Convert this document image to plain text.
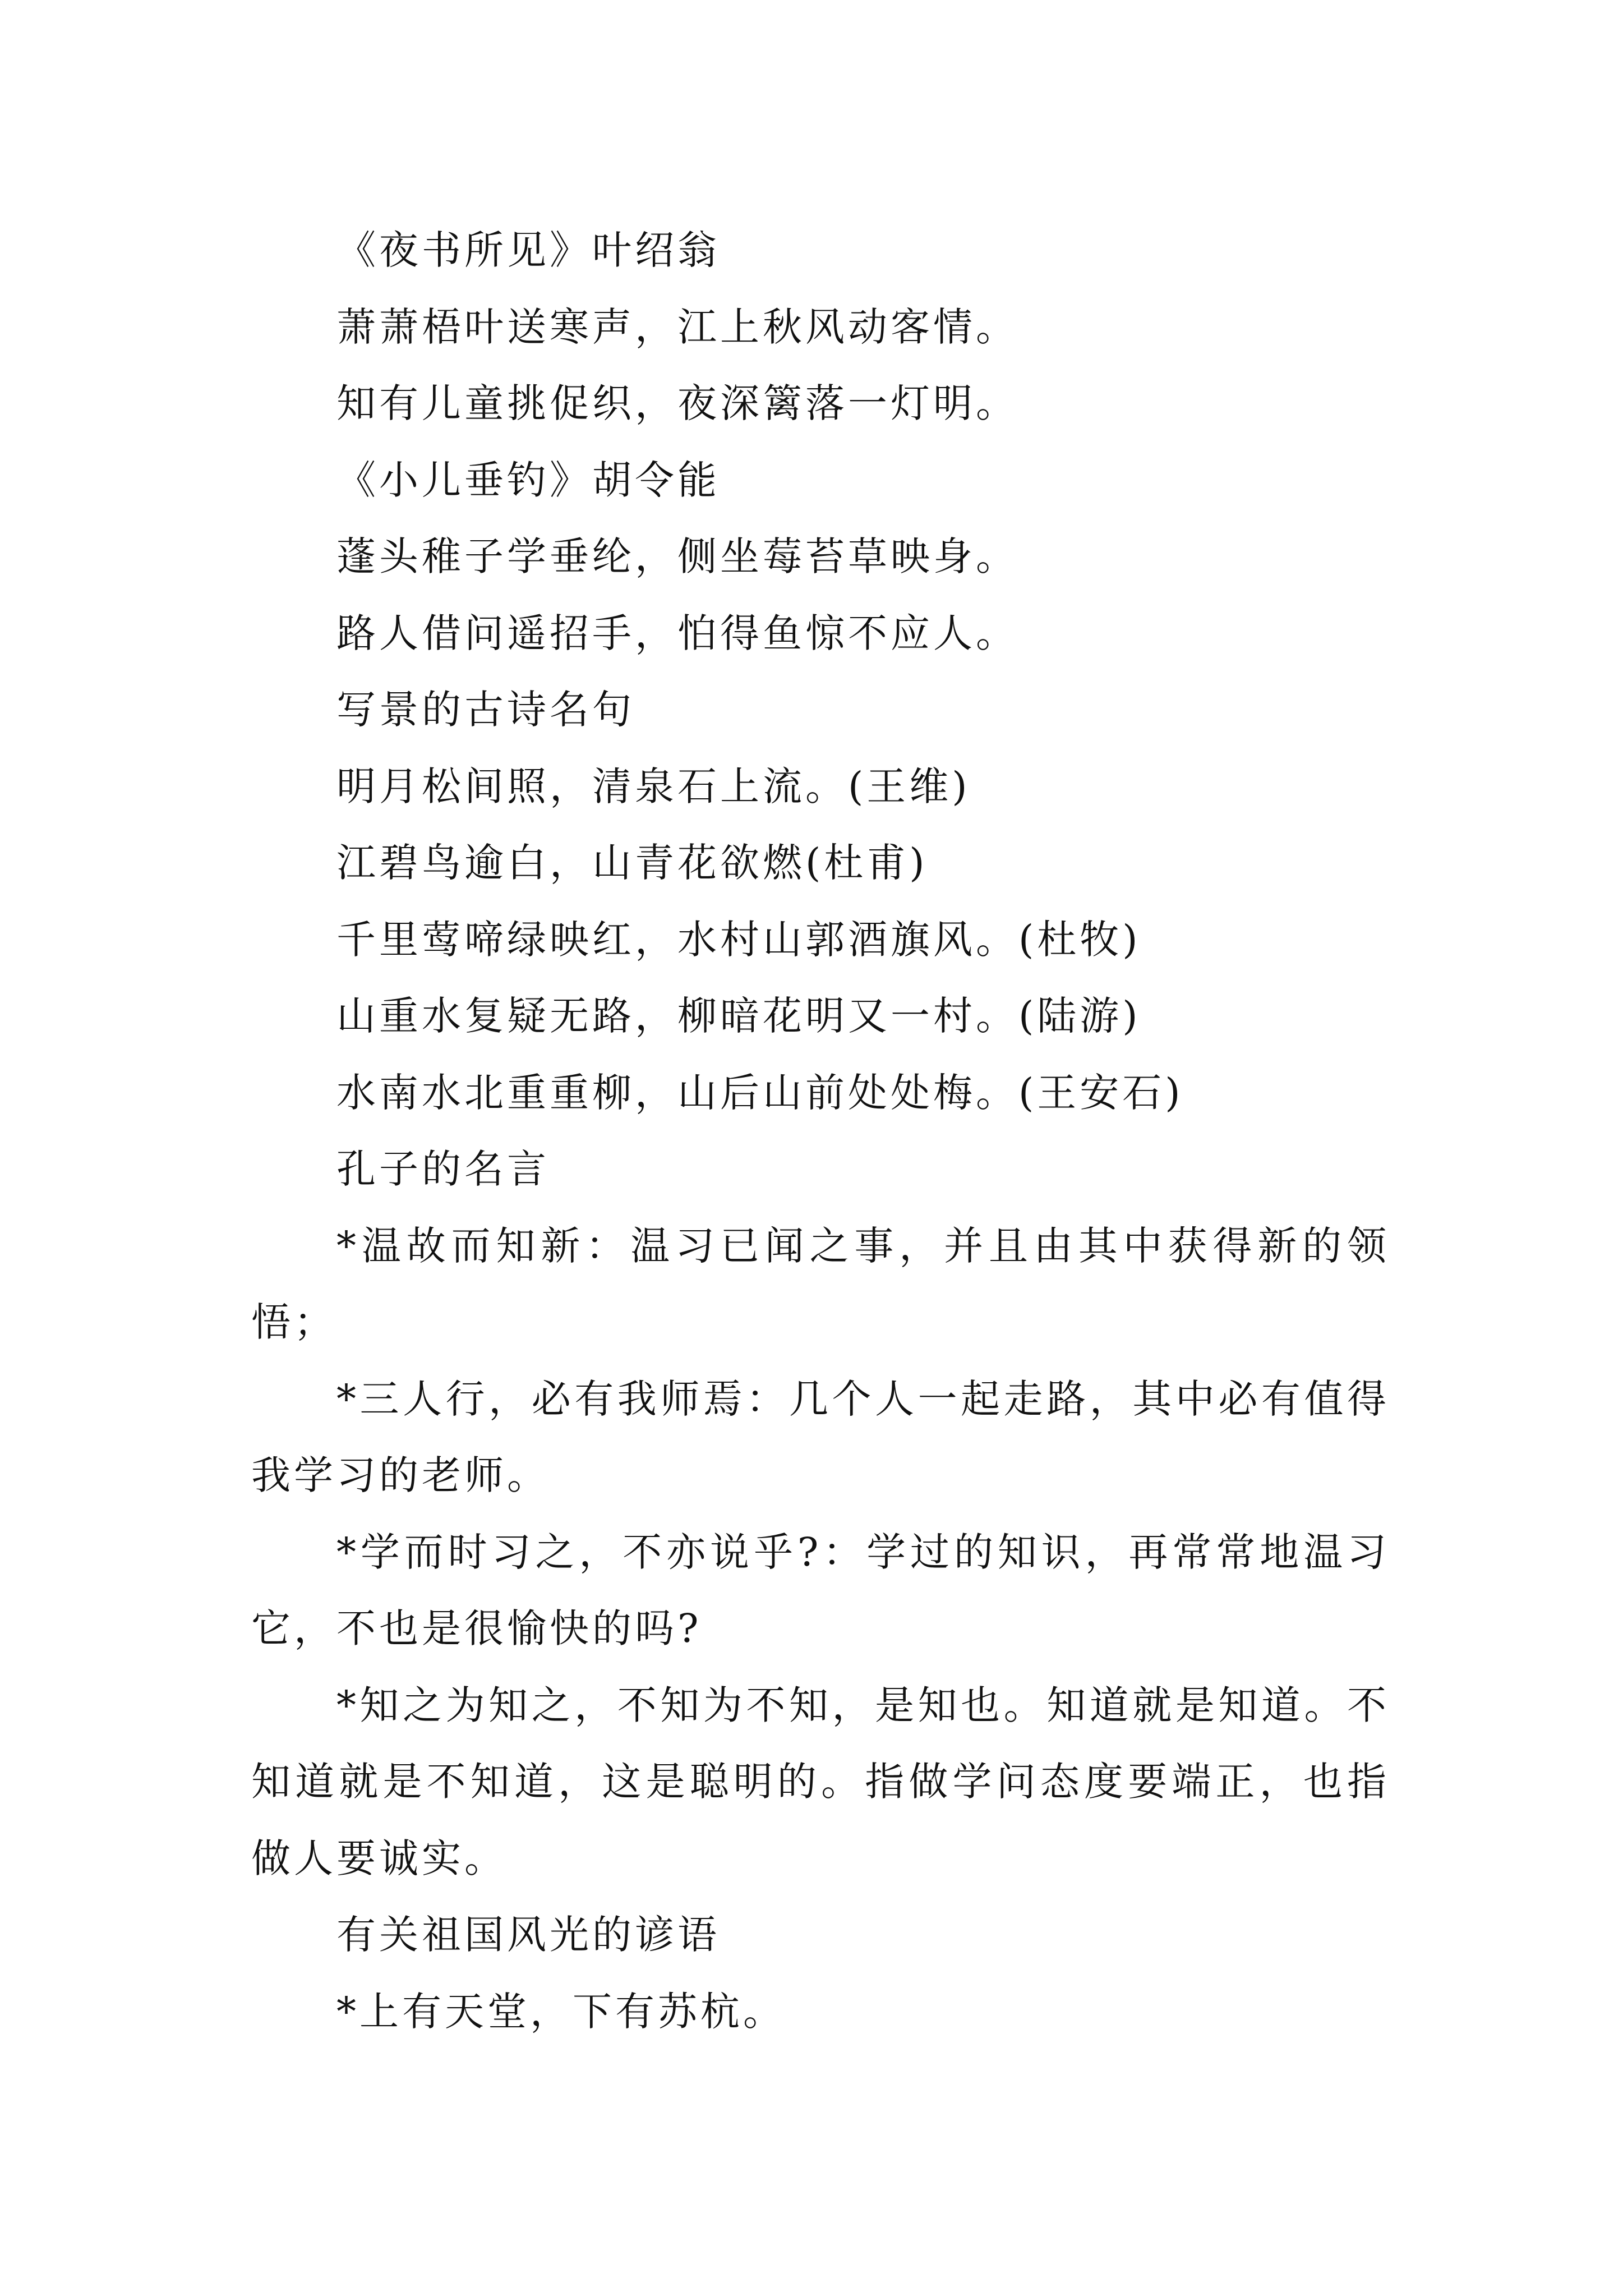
《夜书所见》叶绍翁
萧萧梧叶送寒声，江上秋风动客情。
知有儿童挑促织，夜深篱落一灯明。
《小儿垂钓》胡令能
蓬头稚子学垂纶，侧坐莓苔草映身。
路人借问遥招手，怕得鱼惊不应人。
写景的古诗名句
明月松间照，清泉石上流。(王维)
江碧鸟逾白，山青花欲燃(杜甫)
千里莺啼绿映红，水村山郭酒旗风。(杜牧)
山重水复疑无路，柳暗花明又一村。(陆游)
水南水北重重柳，山后山前处处梅。(王安石)
孔子的名言
*温故而知新：温习已闻之事，并且由其中获得新的领悟；
*三人行，必有我师焉：几个人一起走路，其中必有值得我学习的老师。
*学而时习之，不亦说乎?：学过的知识，再常常地温习它，不也是很愉快的吗?
*知之为知之，不知为不知，是知也。知道就是知道。不知道就是不知道，这是聪明的。指做学问态度要端正，也指做人要诚实。
有关祖国风光的谚语
*上有天堂，下有苏杭。
